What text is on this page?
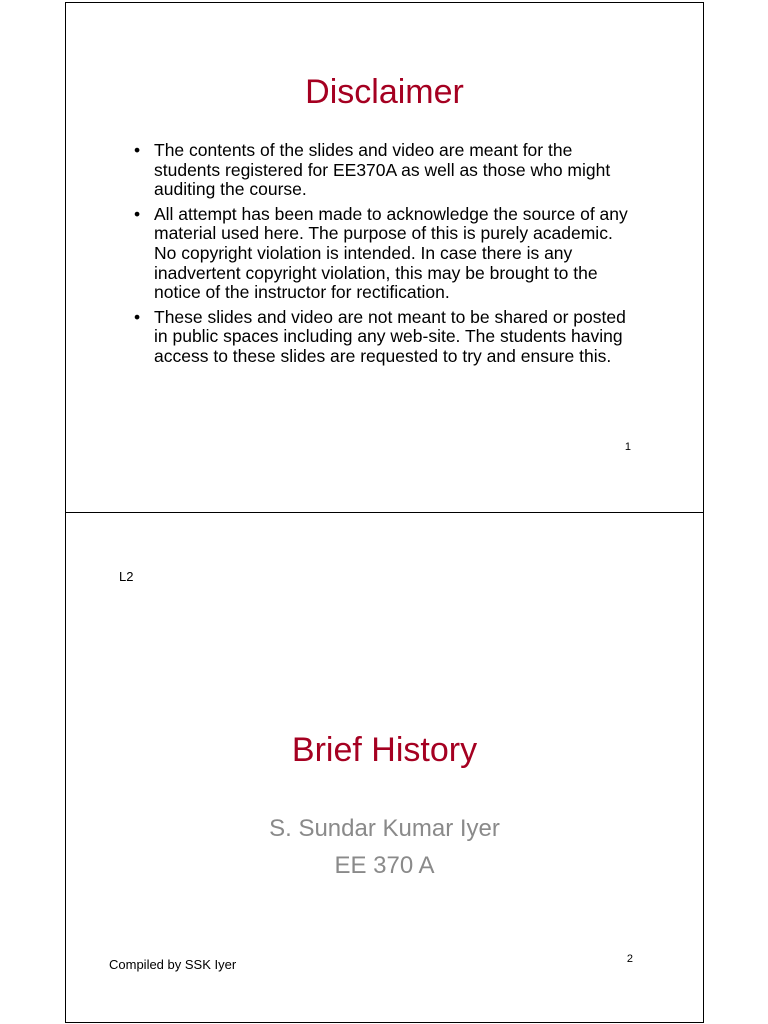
Disclaimer
• The contents of the slides and video are meant for the students registered for EE370A as well as those who might auditing the course.
• All attempt has been made to acknowledge the source of any material used here. The purpose of this is purely academic. No copyright violation is intended. In case there is any inadvertent copyright violation, this may be brought to the notice of the instructor for rectification.
• These slides and video are not meant to be shared or posted in public spaces including any web-site. The students having access to these slides are requested to try and ensure this.
1
L2
Brief History
S. Sundar Kumar Iyer
EE 370 A
Compiled by SSK Iyer	2
